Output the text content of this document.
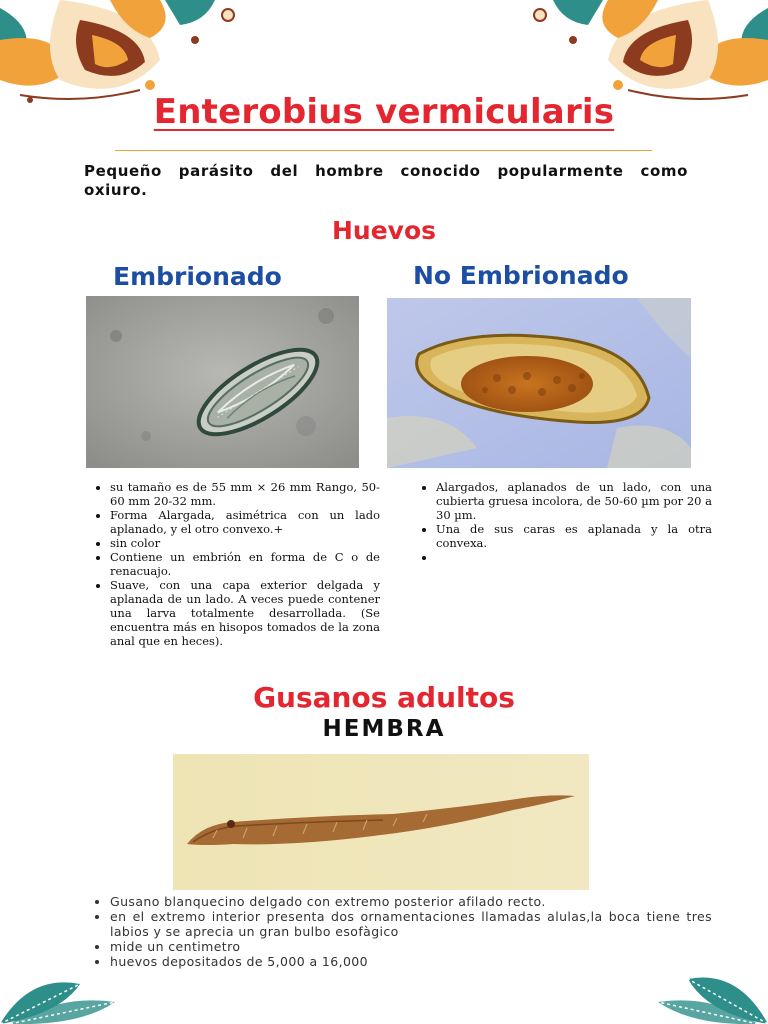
Enterobius vermicularis
Pequeño parásito del hombre conocido popularmente como oxiuro.
Huevos
Embrionado	No Embrionado
• su tamaño es de 55 mm × 26 mm Rango, 50-60 mm 20-32 mm.
• Forma Alargada, asimétrica con un lado aplanado, y el otro convexo.+
• sin color
• Contiene un embrión en forma de C o de renacuajo.
• Suave, con una capa exterior delgada y aplanada de un lado. A veces puede contener una larva totalmente desarrollada. (Se encuentra más en hisopos tomados de la zona anal que en heces).
• Alargados, aplanados de un lado, con una cubierta gruesa incolora, de 50-60 µm por 20 a 30 µm.
• Una de sus caras es aplanada y la otra convexa.
•
Gusanos adultos
HEMBRA
• Gusano blanquecino delgado con extremo posterior afilado recto.
• en el extremo interior presenta dos ornamentaciones llamadas alulas,la boca tiene tres labios y se aprecia un gran bulbo esofàgico
• mide un centimetro
• huevos depositados de 5,000 a 16,000
